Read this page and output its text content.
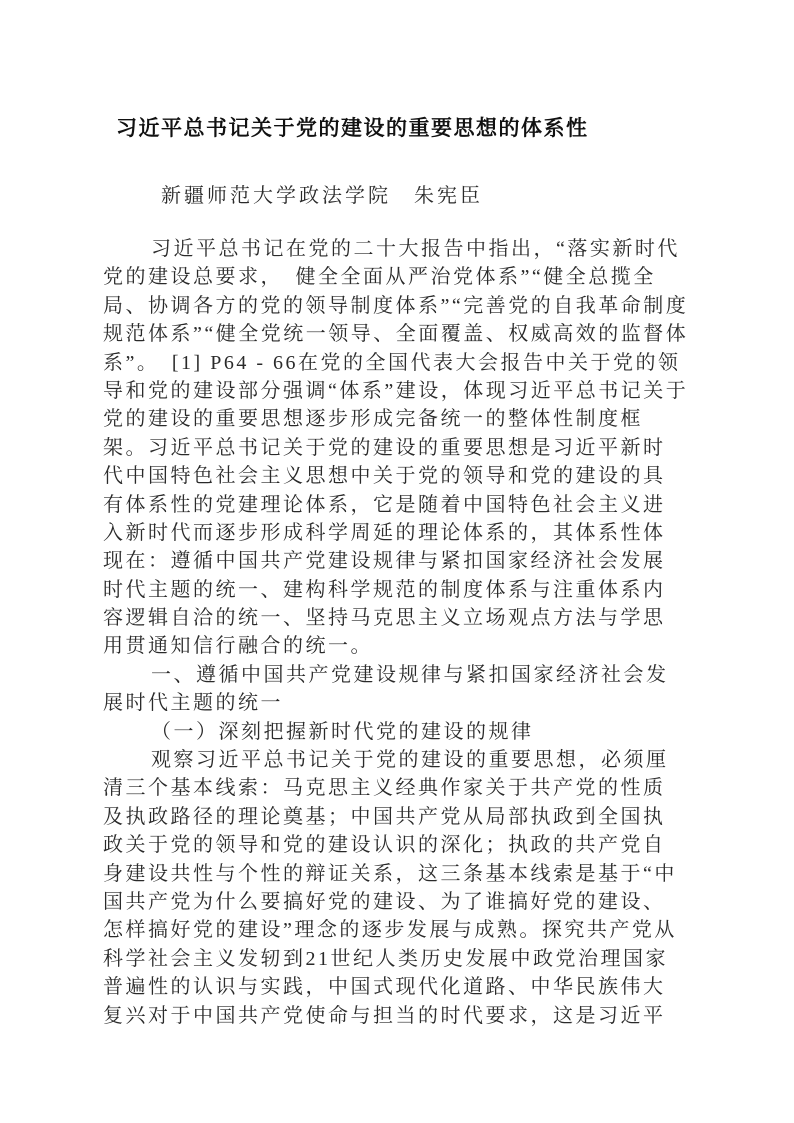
习近平总书记关于党的建设的重要思想的体系性
新疆师范大学政法学院　朱宪臣
习近平总书记在党的二十大报告中指出，“落实新时代
党的建设总要求，　健全全面从严治党体系”“健全总揽全
局、协调各方的党的领导制度体系”“完善党的自我革命制度
规范体系”“健全党统一领导、全面覆盖、权威高效的监督体
系”。　[1] P64 - 66在党的全国代表大会报告中关于党的领
导和党的建设部分强调“体系”建设，体现习近平总书记关于
党的建设的重要思想逐步形成完备统一的整体性制度框
架。习近平总书记关于党的建设的重要思想是习近平新时
代中国特色社会主义思想中关于党的领导和党的建设的具
有体系性的党建理论体系，它是随着中国特色社会主义进
入新时代而逐步形成科学周延的理论体系的，其体系性体
现在：遵循中国共产党建设规律与紧扣国家经济社会发展
时代主题的统一、建构科学规范的制度体系与注重体系内
容逻辑自洽的统一、坚持马克思主义立场观点方法与学思
用贯通知信行融合的统一。
一、遵循中国共产党建设规律与紧扣国家经济社会发
展时代主题的统一
（一）深刻把握新时代党的建设的规律
观察习近平总书记关于党的建设的重要思想，必须厘
清三个基本线索：马克思主义经典作家关于共产党的性质
及执政路径的理论奠基；中国共产党从局部执政到全国执
政关于党的领导和党的建设认识的深化；执政的共产党自
身建设共性与个性的辩证关系，这三条基本线索是基于“中
国共产党为什么要搞好党的建设、为了谁搞好党的建设、
怎样搞好党的建设”理念的逐步发展与成熟。探究共产党从
科学社会主义发轫到21世纪人类历史发展中政党治理国家
普遍性的认识与实践，中国式现代化道路、中华民族伟大
复兴对于中国共产党使命与担当的时代要求，这是习近平
